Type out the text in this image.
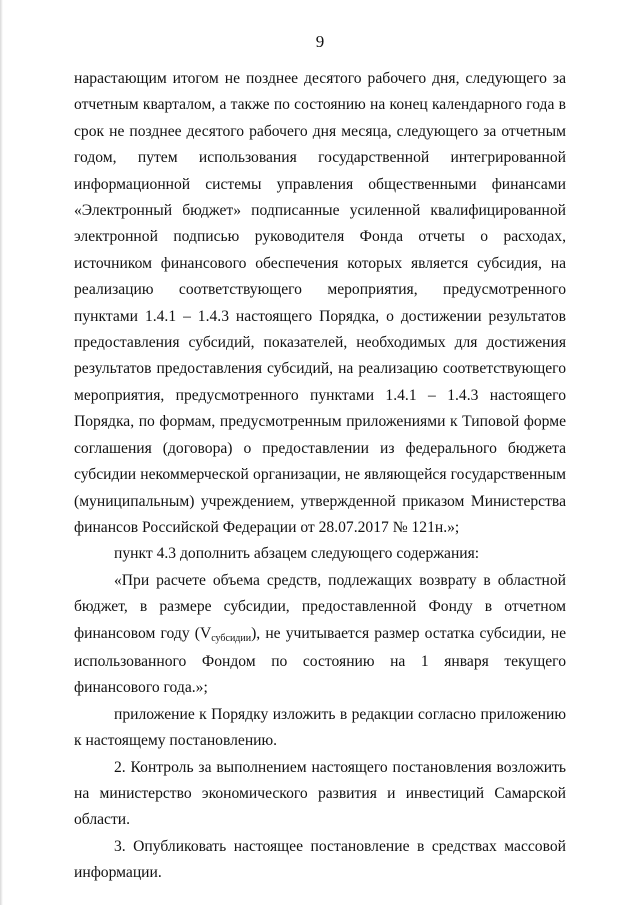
9

нарастающим итогом не позднее десятого рабочего дня, следующего за отчетным кварталом, а также по состоянию на конец календарного года в срок не позднее десятого рабочего дня месяца, следующего за отчетным годом, путем использования государственной интегрированной информационной системы управления общественными финансами «Электронный бюджет» подписанные усиленной квалифицированной электронной подписью руководителя Фонда отчеты о расходах, источником финансового обеспечения которых является субсидия, на реализацию соответствующего мероприятия, предусмотренного пунктами 1.4.1 – 1.4.3 настоящего Порядка, о достижении результатов предоставления субсидий, показателей, необходимых для достижения результатов предоставления субсидий, на реализацию соответствующего мероприятия, предусмотренного пунктами 1.4.1 – 1.4.3 настоящего Порядка, по формам, предусмотренным приложениями к Типовой форме соглашения (договора) о предоставлении из федерального бюджета субсидии некоммерческой организации, не являющейся государственным (муниципальным) учреждением, утвержденной приказом Министерства финансов Российской Федерации от 28.07.2017 № 121н.»;

пункт 4.3 дополнить абзацем следующего содержания:

«При расчете объема средств, подлежащих возврату в областной бюджет, в размере субсидии, предоставленной Фонду в отчетном финансовом году (Vсубсидии), не учитывается размер остатка субсидии, не использованного Фондом по состоянию на 1 января текущего финансового года.»;

приложение к Порядку изложить в редакции согласно приложению к настоящему постановлению.

2. Контроль за выполнением настоящего постановления возложить на министерство экономического развития и инвестиций Самарской области.

3. Опубликовать настоящее постановление в средствах массовой информации.
